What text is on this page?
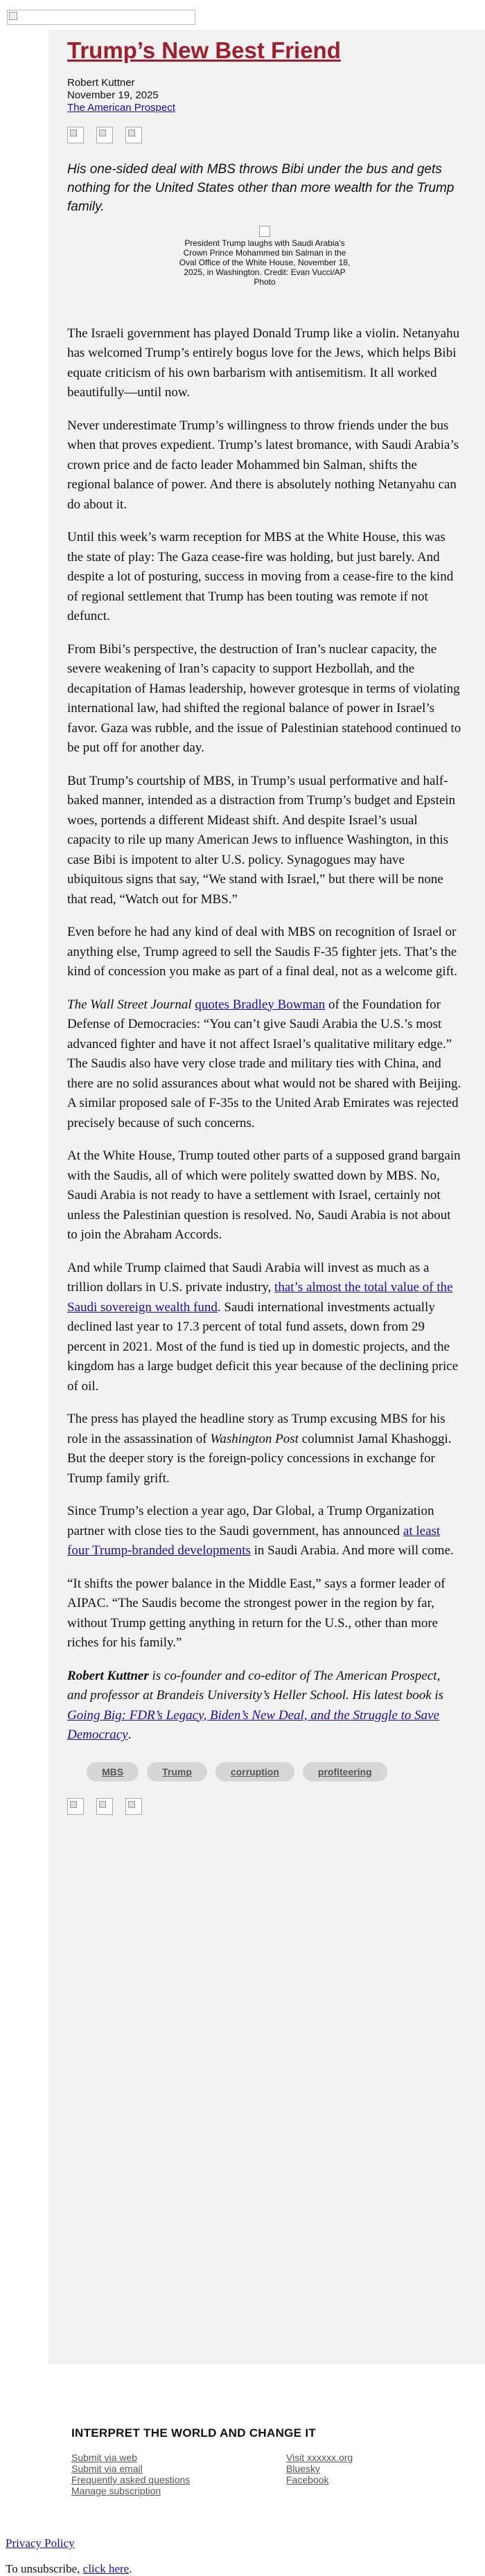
Trump’s New Best Friend
Robert Kuttner
November 19, 2025
The American Prospect

His one-sided deal with MBS throws Bibi under the bus and gets nothing for the United States other than more wealth for the Trump family.
President Trump laughs with Saudi Arabia’s Crown Prince Mohammed bin Salman in the Oval Office of the White House, November 18, 2025, in Washington. Credit: Evan Vucci/AP Photo

The Israeli government has played Donald Trump like a violin. Netanyahu has welcomed Trump’s entirely bogus love for the Jews, which helps Bibi equate criticism of his own barbarism with antisemitism. It all worked beautifully—until now.

Never underestimate Trump’s willingness to throw friends under the bus when that proves expedient. Trump’s latest bromance, with Saudi Arabia’s crown price and de facto leader Mohammed bin Salman, shifts the regional balance of power. And there is absolutely nothing Netanyahu can do about it.

Until this week’s warm reception for MBS at the White House, this was the state of play: The Gaza cease-fire was holding, but just barely. And despite a lot of posturing, success in moving from a cease-fire to the kind of regional settlement that Trump has been touting was remote if not defunct.

From Bibi’s perspective, the destruction of Iran’s nuclear capacity, the severe weakening of Iran’s capacity to support Hezbollah, and the decapitation of Hamas leadership, however grotesque in terms of violating international law, had shifted the regional balance of power in Israel’s favor. Gaza was rubble, and the issue of Palestinian statehood continued to be put off for another day.

But Trump’s courtship of MBS, in Trump’s usual performative and half-baked manner, intended as a distraction from Trump’s budget and Epstein woes, portends a different Mideast shift. And despite Israel’s usual capacity to rile up many American Jews to influence Washington, in this case Bibi is impotent to alter U.S. policy. Synagogues may have ubiquitous signs that say, “We stand with Israel,” but there will be none that read, “Watch out for MBS.”

Even before he had any kind of deal with MBS on recognition of Israel or anything else, Trump agreed to sell the Saudis F-35 fighter jets. That’s the kind of concession you make as part of a final deal, not as a welcome gift.

The Wall Street Journal quotes Bradley Bowman of the Foundation for Defense of Democracies: “You can’t give Saudi Arabia the U.S.’s most advanced fighter and have it not affect Israel’s qualitative military edge.” The Saudis also have very close trade and military ties with China, and there are no solid assurances about what would not be shared with Beijing. A similar proposed sale of F-35s to the United Arab Emirates was rejected precisely because of such concerns.

At the White House, Trump touted other parts of a supposed grand bargain with the Saudis, all of which were politely swatted down by MBS. No, Saudi Arabia is not ready to have a settlement with Israel, certainly not unless the Palestinian question is resolved. No, Saudi Arabia is not about to join the Abraham Accords.

And while Trump claimed that Saudi Arabia will invest as much as a trillion dollars in U.S. private industry, that’s almost the total value of the Saudi sovereign wealth fund. Saudi international investments actually declined last year to 17.3 percent of total fund assets, down from 29 percent in 2021. Most of the fund is tied up in domestic projects, and the kingdom has a large budget deficit this year because of the declining price of oil.

The press has played the headline story as Trump excusing MBS for his role in the assassination of Washington Post columnist Jamal Khashoggi. But the deeper story is the foreign-policy concessions in exchange for Trump family grift.

Since Trump’s election a year ago, Dar Global, a Trump Organization partner with close ties to the Saudi government, has announced at least four Trump-branded developments in Saudi Arabia. And more will come.

“It shifts the power balance in the Middle East,” says a former leader of AIPAC. “The Saudis become the strongest power in the region by far, without Trump getting anything in return for the U.S., other than more riches for his family.”

Robert Kuttner is co-founder and co-editor of The American Prospect, and professor at Brandeis University’s Heller School. His latest book is Going Big: FDR’s Legacy, Biden’s New Deal, and the Struggle to Save Democracy.

MBS	Trump	corruption	profiteering

INTERPRET THE WORLD AND CHANGE IT
Submit via web
Submit via email
Frequently asked questions
Manage subscription
Visit xxxxxx.org
Bluesky
Facebook
Privacy Policy
To unsubscribe, click here.
